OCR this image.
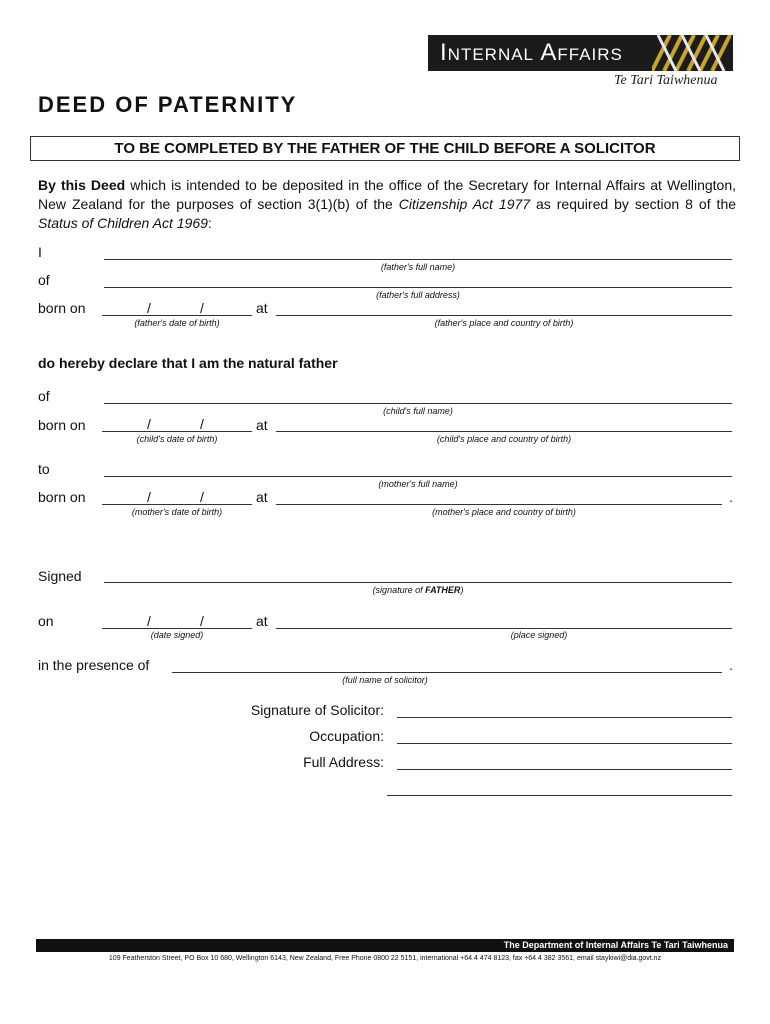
Internal Affairs
Te Tari Taiwhenua
DEED OF PATERNITY
TO BE COMPLETED BY THE FATHER OF THE CHILD BEFORE A SOLICITOR
By this Deed which is intended to be deposited in the office of the Secretary for Internal Affairs at Wellington, New Zealand for the purposes of section 3(1)(b) of the Citizenship Act 1977 as required by section 8 of the Status of Children Act 1969:
I
(father's full name)
of
(father's full address)
born on	/	/
(father's date of birth)
at
(father's place and country of birth)
do hereby declare that I am the natural father
of
(child's full name)
born on	/	/
(child's date of birth)
at
(child's place and country of birth)
to
(mother's full name)
born on	/	/
(mother's date of birth)
at	.
(mother's place and country of birth)
Signed
(signature of FATHER)
on	/	/
(date signed)
at
(place signed)
in the presence of	.
(full name of solicitor)
Signature of Solicitor:
Occupation:
Full Address:
The Department of Internal Affairs Te Tari Taiwhenua
109 Featherston Street, PO Box 10 680, Wellington 6143, New Zealand, Free Phone 0800 22 5151, international +64 4 474 8123, fax +64 4 382 3561, email staykiwi@dia.govt.nz
